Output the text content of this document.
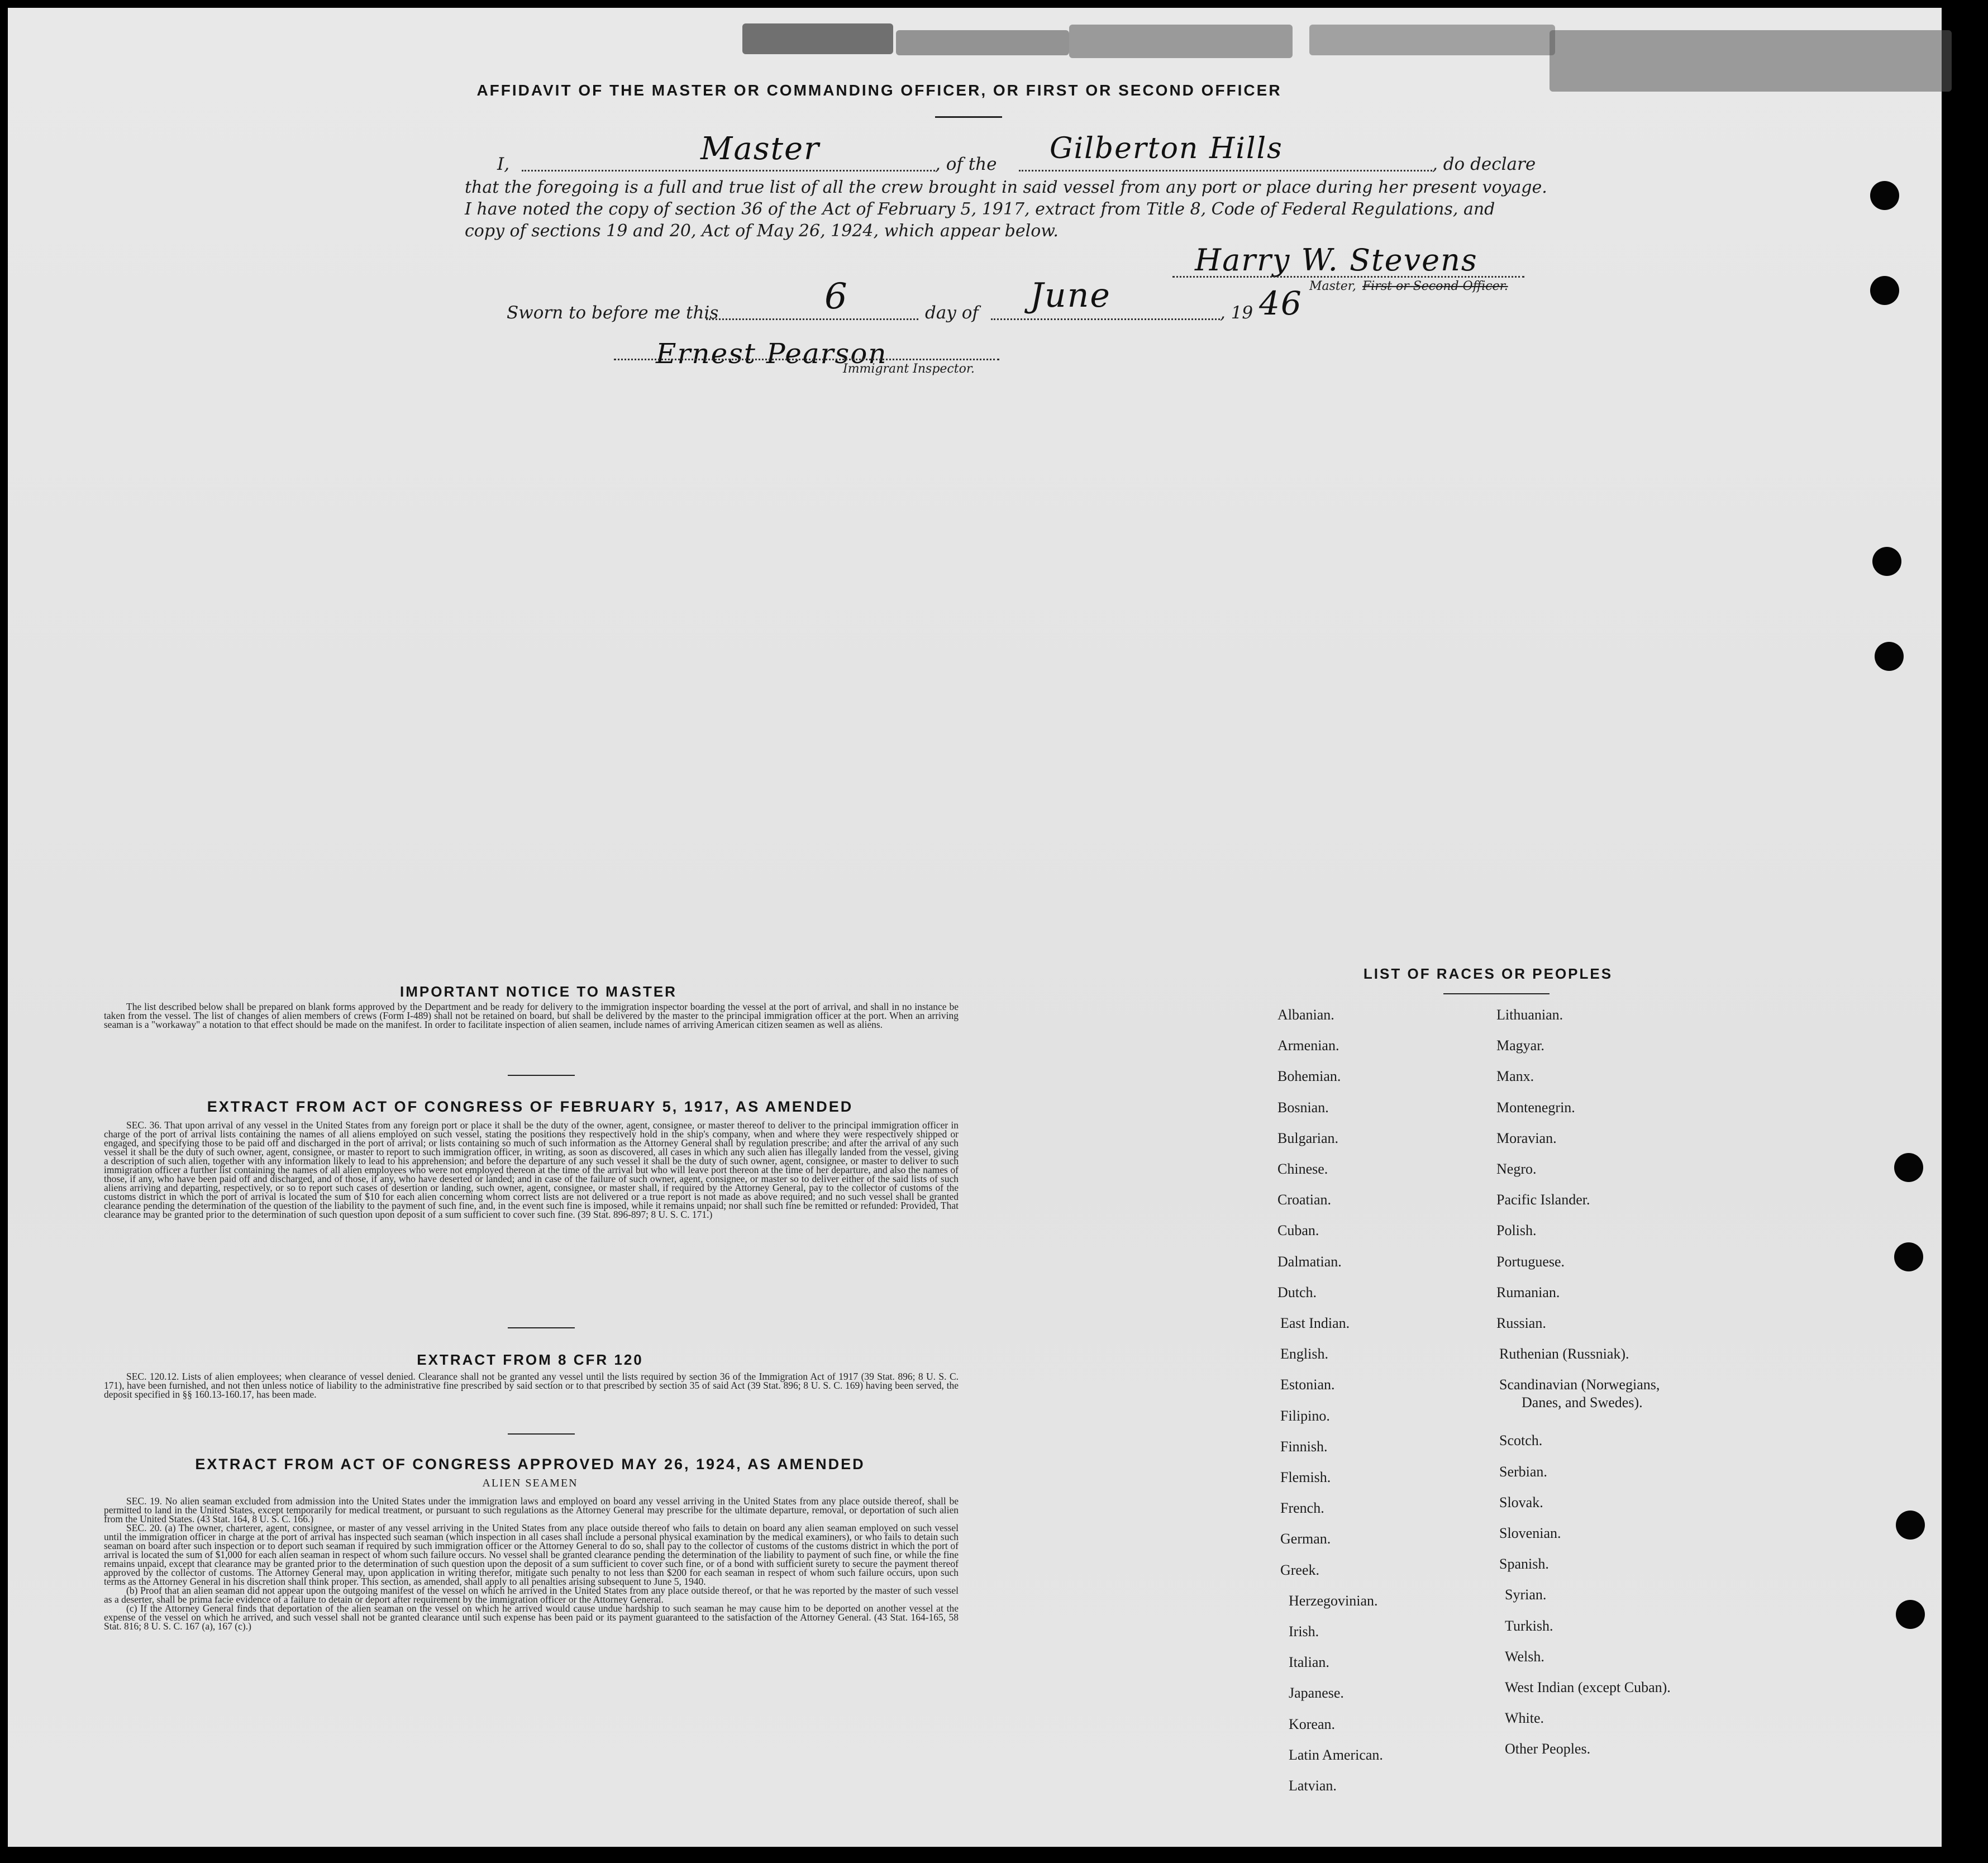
AFFIDAVIT OF THE MASTER OR COMMANDING OFFICER, OR FIRST OR SECOND OFFICER
I,	Master	, of the Gilberton Hills	, do declare
that the foregoing is a full and true list of all the crew brought in said vessel from any port or place during her present voyage.
I have noted the copy of section 36 of the Act of February 5, 1917, extract from Title 8, Code of Federal Regulations, and
copy of sections 19 and 20, Act of May 26, 1924, which appear below.
Harry W. Stevens
Master, First or Second Officer.
Sworn to before me this	6	day of June	, 19 46
Ernest Pearson
Immigrant Inspector.
IMPORTANT NOTICE TO MASTER

The list described below shall be prepared on blank forms approved by the Department and be ready for delivery to the immigration inspector boarding the vessel at the port of arrival, and shall in no instance be taken from the vessel. The list of changes of alien members of crews (Form I-489) shall not be retained on board, but shall be delivered by the master to the principal immigration officer at the port. When an arriving seaman is a "workaway" a notation to that effect should be made on the manifest. In order to facilitate inspection of alien seamen, include names of arriving American citizen seamen as well as aliens.

EXTRACT FROM ACT OF CONGRESS OF FEBRUARY 5, 1917, AS AMENDED

SEC. 36. That upon arrival of any vessel in the United States from any foreign port or place it shall be the duty of the owner, agent, consignee, or master thereof to deliver to the principal immigration officer in charge of the port of arrival lists containing the names of all aliens employed on such vessel, stating the positions they respectively hold in the ship's company, when and where they were respectively shipped or engaged, and specifying those to be paid off and discharged in the port of arrival; or lists containing so much of such information as the Attorney General shall by regulation prescribe; and after the arrival of any such vessel it shall be the duty of such owner, agent, consignee, or master to report to such immigration officer, in writing, as soon as discovered, all cases in which any such alien has illegally landed from the vessel, giving a description of such alien, together with any information likely to lead to his apprehension; and before the departure of any such vessel it shall be the duty of such owner, agent, consignee, or master to deliver to such immigration officer a further list containing the names of all alien employees who were not employed thereon at the time of the arrival but who will leave port thereon at the time of her departure, and also the names of those, if any, who have been paid off and discharged, and of those, if any, who have deserted or landed; and in case of the failure of such owner, agent, consignee, or master so to deliver either of the said lists of such aliens arriving and departing, respectively, or so to report such cases of desertion or landing, such owner, agent, consignee, or master shall, if required by the Attorney General, pay to the collector of customs of the customs district in which the port of arrival is located the sum of $10 for each alien concerning whom correct lists are not delivered or a true report is not made as above required; and no such vessel shall be granted clearance pending the determination of the question of the liability to the payment of such fine, and, in the event such fine is imposed, while it remains unpaid; nor shall such fine be remitted or refunded: Provided, That clearance may be granted prior to the determination of such question upon deposit of a sum sufficient to cover such fine. (39 Stat. 896-897; 8 U. S. C. 171.)

EXTRACT FROM 8 CFR 120

SEC. 120.12. Lists of alien employees; when clearance of vessel denied. Clearance shall not be granted any vessel until the lists required by section 36 of the Immigration Act of 1917 (39 Stat. 896; 8 U. S. C. 171), have been furnished, and not then unless notice of liability to the administrative fine prescribed by said section or to that prescribed by section 35 of said Act (39 Stat. 896; 8 U. S. C. 169) having been served, the deposit specified in §§ 160.13-160.17, has been made.

EXTRACT FROM ACT OF CONGRESS APPROVED MAY 26, 1924, AS AMENDED
ALIEN SEAMEN

SEC. 19. No alien seaman excluded from admission into the United States under the immigration laws and employed on board any vessel arriving in the United States from any place outside thereof, shall be permitted to land in the United States, except temporarily for medical treatment, or pursuant to such regulations as the Attorney General may prescribe for the ultimate departure, removal, or deportation of such alien from the United States. (43 Stat. 164, 8 U. S. C. 166.)

SEC. 20. (a) The owner, charterer, agent, consignee, or master of any vessel arriving in the United States from any place outside thereof who fails to detain on board any alien seaman employed on such vessel until the immigration officer in charge at the port of arrival has inspected such seaman (which inspection in all cases shall include a personal physical examination by the medical examiners), or who fails to detain such seaman on board after such inspection or to deport such seaman if required by such immigration officer or the Attorney General to do so, shall pay to the collector of customs of the customs district in which the port of arrival is located the sum of $1,000 for each alien seaman in respect of whom such failure occurs. No vessel shall be granted clearance pending the determination of the liability to payment of such fine, or while the fine remains unpaid, except that clearance may be granted prior to the determination of such question upon the deposit of a sum sufficient to cover such fine, or of a bond with sufficient surety to secure the payment thereof approved by the collector of customs. The Attorney General may, upon application in writing therefor, mitigate such penalty to not less than $200 for each seaman in respect of whom such failure occurs, upon such terms as the Attorney General in his discretion shall think proper. This section, as amended, shall apply to all penalties arising subsequent to June 5, 1940.

(b) Proof that an alien seaman did not appear upon the outgoing manifest of the vessel on which he arrived in the United States from any place outside thereof, or that he was reported by the master of such vessel as a deserter, shall be prima facie evidence of a failure to detain or deport after requirement by the immigration officer or the Attorney General.

(c) If the Attorney General finds that deportation of the alien seaman on the vessel on which he arrived would cause undue hardship to such seaman he may cause him to be deported on another vessel at the expense of the vessel on which he arrived, and such vessel shall not be granted clearance until such expense has been paid or its payment guaranteed to the satisfaction of the Attorney General. (43 Stat. 164-165, 58 Stat. 816; 8 U. S. C. 167 (a), 167 (c).)

LIST OF RACES OR PEOPLES
Albanian.
Armenian.
Bohemian.
Bosnian.
Bulgarian.
Chinese.
Croatian.
Cuban.
Dalmatian.
Dutch.
East Indian.
English.
Estonian.
Filipino.
Finnish.
Flemish.
French.
German.
Greek.
Herzegovinian.
Irish.
Italian.
Japanese.
Korean.
Latin American.
Latvian.
Lithuanian.
Magyar.
Manx.
Montenegrin.
Moravian.
Negro.
Pacific Islander.
Polish.
Portuguese.
Rumanian.
Russian.
Ruthenian (Russniak).
Scandinavian (Norwegians,
Danes, and Swedes).
Scotch.
Serbian.
Slovak.
Slovenian.
Spanish.
Syrian.
Turkish.
Welsh.
West Indian (except Cuban).
White.
Other Peoples.
